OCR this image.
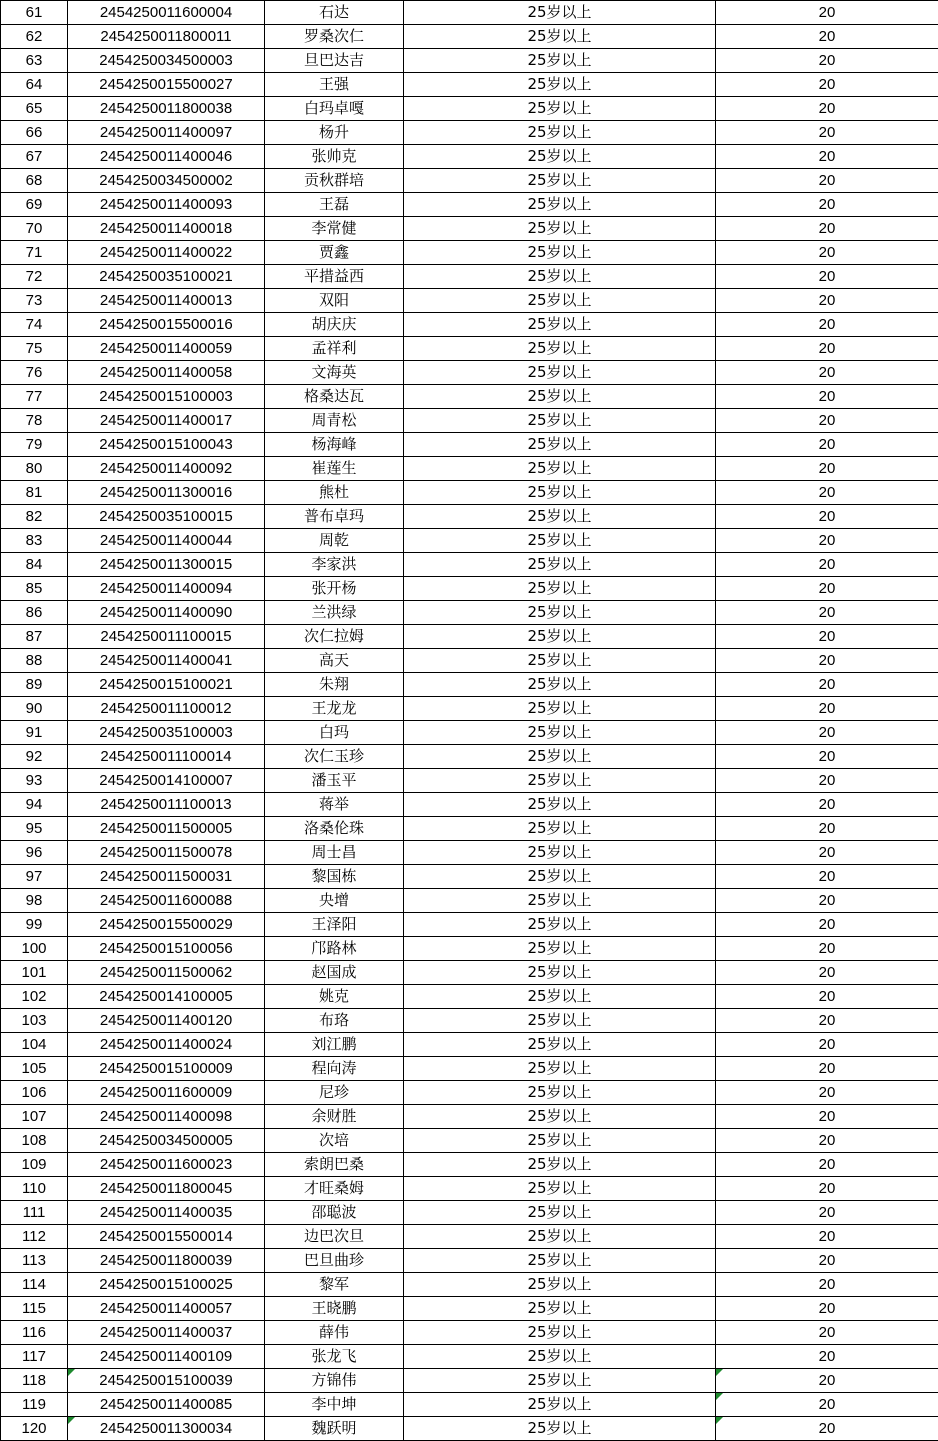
61	2454250011600004	石达	25岁以上	20
62	2454250011800011	罗桑次仁	25岁以上	20
63	2454250034500003	旦巴达吉	25岁以上	20
64	2454250015500027	王强	25岁以上	20
65	2454250011800038	白玛卓嘎	25岁以上	20
66	2454250011400097	杨升	25岁以上	20
67	2454250011400046	张帅克	25岁以上	20
68	2454250034500002	贡秋群培	25岁以上	20
69	2454250011400093	王磊	25岁以上	20
70	2454250011400018	李常健	25岁以上	20
71	2454250011400022	贾鑫	25岁以上	20
72	2454250035100021	平措益西	25岁以上	20
73	2454250011400013	双阳	25岁以上	20
74	2454250015500016	胡庆庆	25岁以上	20
75	2454250011400059	孟祥利	25岁以上	20
76	2454250011400058	文海英	25岁以上	20
77	2454250015100003	格桑达瓦	25岁以上	20
78	2454250011400017	周青松	25岁以上	20
79	2454250015100043	杨海峰	25岁以上	20
80	2454250011400092	崔莲生	25岁以上	20
81	2454250011300016	熊杜	25岁以上	20
82	2454250035100015	普布卓玛	25岁以上	20
83	2454250011400044	周乾	25岁以上	20
84	2454250011300015	李家洪	25岁以上	20
85	2454250011400094	张开杨	25岁以上	20
86	2454250011400090	兰洪绿	25岁以上	20
87	2454250011100015	次仁拉姆	25岁以上	20
88	2454250011400041	高天	25岁以上	20
89	2454250015100021	朱翔	25岁以上	20
90	2454250011100012	王龙龙	25岁以上	20
91	2454250035100003	白玛	25岁以上	20
92	2454250011100014	次仁玉珍	25岁以上	20
93	2454250014100007	潘玉平	25岁以上	20
94	2454250011100013	蒋举	25岁以上	20
95	2454250011500005	洛桑伦珠	25岁以上	20
96	2454250011500078	周士昌	25岁以上	20
97	2454250011500031	黎国栋	25岁以上	20
98	2454250011600088	央增	25岁以上	20
99	2454250015500029	王泽阳	25岁以上	20
100	2454250015100056	邝路林	25岁以上	20
101	2454250011500062	赵国成	25岁以上	20
102	2454250014100005	姚克	25岁以上	20
103	2454250011400120	布珞	25岁以上	20
104	2454250011400024	刘江鹏	25岁以上	20
105	2454250015100009	程向涛	25岁以上	20
106	2454250011600009	尼珍	25岁以上	20
107	2454250011400098	余财胜	25岁以上	20
108	2454250034500005	次培	25岁以上	20
109	2454250011600023	索朗巴桑	25岁以上	20
110	2454250011800045	才旺桑姆	25岁以上	20
111	2454250011400035	邵聪波	25岁以上	20
112	2454250015500014	边巴次旦	25岁以上	20
113	2454250011800039	巴旦曲珍	25岁以上	20
114	2454250015100025	黎军	25岁以上	20
115	2454250011400057	王晓鹏	25岁以上	20
116	2454250011400037	薛伟	25岁以上	20
117	2454250011400109	张龙飞	25岁以上	20
118	2454250015100039	方锦伟	25岁以上	20
119	2454250011400085	李中坤	25岁以上	20
120	2454250011300034	魏跃明	25岁以上	20
